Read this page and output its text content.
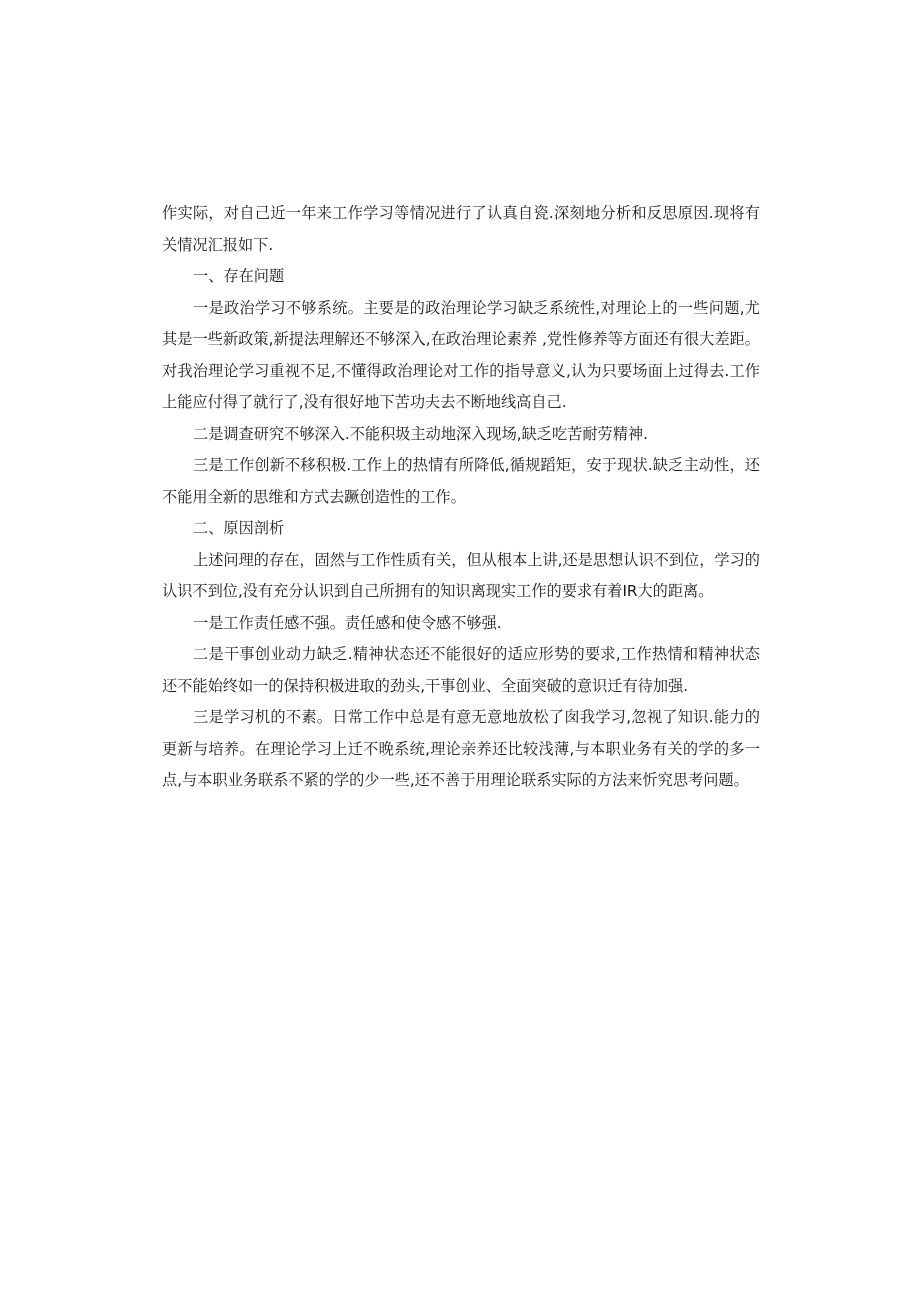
作实际，对自己近一年来工作学习等情况进行了认真自瓷.深刻地分析和反思原因.现将有关情况汇报如下.

一、存在问题

一是政治学习不够系统。主要是的政治理论学习缺乏系统性,对理论上的一些问题,尤其是一些新政策,新提法理解还不够深入,在政治理论素养 ,党性修养等方面还有很大差距。对我治理论学习重视不足,不懂得政治理论对工作的指导意义,认为只要场面上过得去.工作上能应付得了就行了,没有很好地下苦功夫去不断地线高自己.

二是调查研究不够深入.不能积圾主动地深入现场,缺乏吃苦耐劳精神.

三是工作创新不移积极.工作上的热情有所降低,循规蹈矩，安于现状.缺乏主动性，还不能用全新的思维和方式去蹶创造性的工作。

二、原因剖析

上述问理的存在，固然与工作性质有关，但从根本上讲,还是思想认识不到位，学习的认识不到位,没有充分认识到自己所拥有的知识离现实工作的要求有着IR大的距离。

一是工作责任感不强。责任感和使令感不够强.

二是干事创业动力缺乏.精神状态还不能很好的适应形势的要求,工作热情和精神状态还不能始终如一的保持积极进取的劲头,干事创业、全面突破的意识迁有待加强.

三是学习机的不素。日常工作中总是有意无意地放松了囱我学习,忽视了知识.能力的更新与培养。在理论学习上迁不晚系统,理论亲养还比较浅薄,与本职业务有关的学的多一点,与本职业务联系不紧的学的少一些,还不善于用理论联系实际的方法来忻究思考问题。
